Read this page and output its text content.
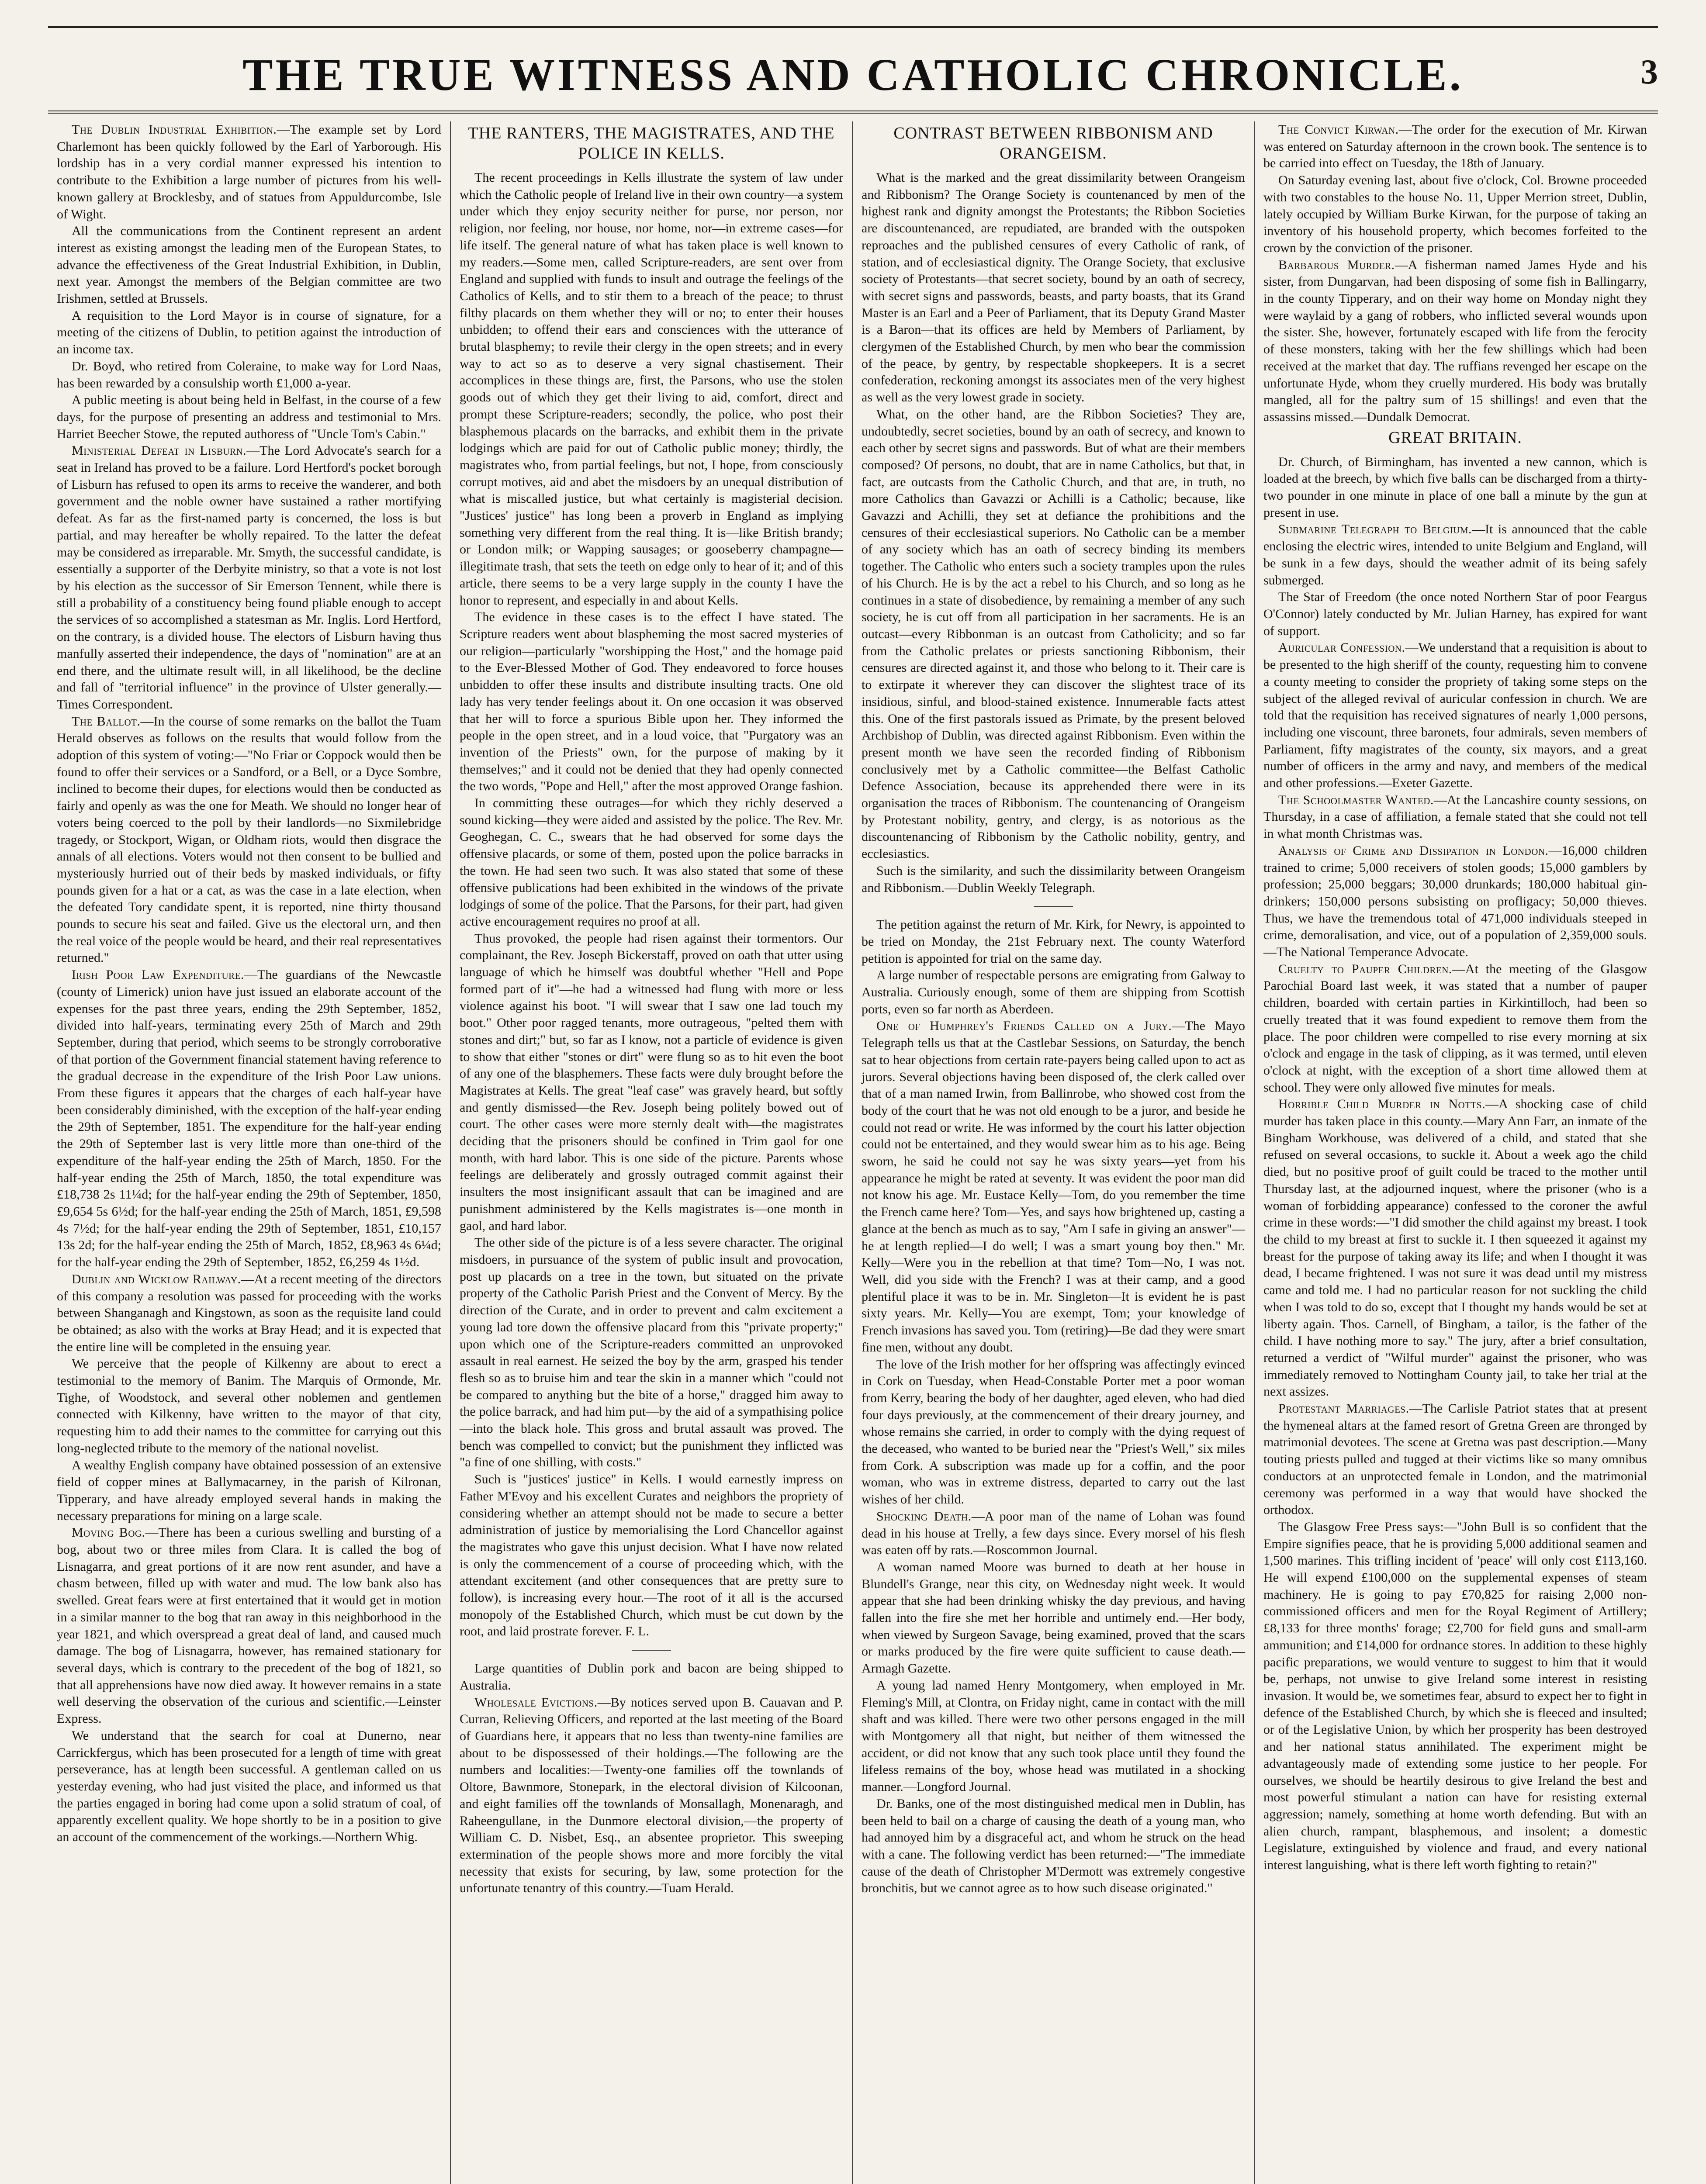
THE TRUE WITNESS AND CATHOLIC CHRONICLE.	3

The Dublin Industrial Exhibition.—The example set by Lord Charlemont has been quickly followed by the Earl of Yarborough. His lordship has in a very cordial manner expressed his intention to contribute to the Exhibition a large number of pictures from his well-known gallery at Brocklesby, and of statues from Appuldurcombe, Isle of Wight.

All the communications from the Continent represent an ardent interest as existing amongst the leading men of the European States, to advance the effectiveness of the Great Industrial Exhibition, in Dublin, next year. Amongst the members of the Belgian committee are two Irishmen, settled at Brussels.

A requisition to the Lord Mayor is in course of signature, for a meeting of the citizens of Dublin, to petition against the introduction of an income tax.

Dr. Boyd, who retired from Coleraine, to make way for Lord Naas, has been rewarded by a consulship worth £1,000 a-year.

A public meeting is about being held in Belfast, in the course of a few days, for the purpose of presenting an address and testimonial to Mrs. Harriet Beecher Stowe, the reputed authoress of "Uncle Tom's Cabin."

Ministerial Defeat in Lisburn.—The Lord Advocate's search for a seat in Ireland has proved to be a failure. Lord Hertford's pocket borough of Lisburn has refused to open its arms to receive the wanderer, and both government and the noble owner have sustained a rather mortifying defeat. As far as the first-named party is concerned, the loss is but partial, and may hereafter be wholly repaired. To the latter the defeat may be considered as irreparable. Mr. Smyth, the successful candidate, is essentially a supporter of the Derbyite ministry, so that a vote is not lost by his election as the successor of Sir Emerson Tennent, while there is still a probability of a constituency being found pliable enough to accept the services of so accomplished a statesman as Mr. Inglis. Lord Hertford, on the contrary, is a divided house. The electors of Lisburn having thus manfully asserted their independence, the days of "nomination" are at an end there, and the ultimate result will, in all likelihood, be the decline and fall of "territorial influence" in the province of Ulster generally.—Times Correspondent.

The Ballot.—In the course of some remarks on the ballot the Tuam Herald observes as follows on the results that would follow from the adoption of this system of voting:—"No Friar or Coppock would then be found to offer their services or a Sandford, or a Bell, or a Dyce Sombre, inclined to become their dupes, for elections would then be conducted as fairly and openly as was the one for Meath. We should no longer hear of voters being coerced to the poll by their landlords—no Sixmilebridge tragedy, or Stockport, Wigan, or Oldham riots, would then disgrace the annals of all elections. Voters would not then consent to be bullied and mysteriously hurried out of their beds by masked individuals, or fifty pounds given for a hat or a cat, as was the case in a late election, when the defeated Tory candidate spent, it is reported, nine thirty thousand pounds to secure his seat and failed. Give us the electoral urn, and then the real voice of the people would be heard, and their real representatives returned."

Irish Poor Law Expenditure.—The guardians of the Newcastle (county of Limerick) union have just issued an elaborate account of the expenses for the past three years, ending the 29th September, 1852, divided into half-years, terminating every 25th of March and 29th September, during that period, which seems to be strongly corroborative of that portion of the Government financial statement having reference to the gradual decrease in the expenditure of the Irish Poor Law unions. From these figures it appears that the charges of each half-year have been considerably diminished, with the exception of the half-year ending the 29th of September, 1851. The expenditure for the half-year ending the 29th of September last is very little more than one-third of the expenditure of the half-year ending the 25th of March, 1850. For the half-year ending the 25th of March, 1850, the total expenditure was £18,738 2s 11¼d; for the half-year ending the 29th of September, 1850, £9,654 5s 6½d; for the half-year ending the 25th of March, 1851, £9,598 4s 7½d; for the half-year ending the 29th of September, 1851, £10,157 13s 2d; for the half-year ending the 25th of March, 1852, £8,963 4s 6¼d; for the half-year ending the 29th of September, 1852, £6,259 4s 1½d.

Dublin and Wicklow Railway.—At a recent meeting of the directors of this company a resolution was passed for proceeding with the works between Shanganagh and Kingstown, as soon as the requisite land could be obtained; as also with the works at Bray Head; and it is expected that the entire line will be completed in the ensuing year.

We perceive that the people of Kilkenny are about to erect a testimonial to the memory of Banim. The Marquis of Ormonde, Mr. Tighe, of Woodstock, and several other noblemen and gentlemen connected with Kilkenny, have written to the mayor of that city, requesting him to add their names to the committee for carrying out this long-neglected tribute to the memory of the national novelist.

A wealthy English company have obtained possession of an extensive field of copper mines at Ballymacarney, in the parish of Kilronan, Tipperary, and have already employed several hands in making the necessary preparations for mining on a large scale.

Moving Bog.—There has been a curious swelling and bursting of a bog, about two or three miles from Clara. It is called the bog of Lisnagarra, and great portions of it are now rent asunder, and have a chasm between, filled up with water and mud. The low bank also has swelled. Great fears were at first entertained that it would get in motion in a similar manner to the bog that ran away in this neighborhood in the year 1821, and which overspread a great deal of land, and caused much damage. The bog of Lisnagarra, however, has remained stationary for several days, which is contrary to the precedent of the bog of 1821, so that all apprehensions have now died away. It however remains in a state well deserving the observation of the curious and scientific.—Leinster Express.

We understand that the search for coal at Dunerno, near Carrickfergus, which has been prosecuted for a length of time with great perseverance, has at length been successful. A gentleman called on us yesterday evening, who had just visited the place, and informed us that the parties engaged in boring had come upon a solid stratum of coal, of apparently excellent quality. We hope shortly to be in a position to give an account of the commencement of the workings.—Northern Whig.

THE RANTERS, THE MAGISTRATES, AND THE POLICE IN KELLS.

The recent proceedings in Kells illustrate the system of law under which the Catholic people of Ireland live in their own country—a system under which they enjoy security neither for purse, nor person, nor religion, nor feeling, nor house, nor home, nor—in extreme cases—for life itself. The general nature of what has taken place is well known to my readers.—Some men, called Scripture-readers, are sent over from England and supplied with funds to insult and outrage the feelings of the Catholics of Kells, and to stir them to a breach of the peace; to thrust filthy placards on them whether they will or no; to enter their houses unbidden; to offend their ears and consciences with the utterance of brutal blasphemy; to revile their clergy in the open streets; and in every way to act so as to deserve a very signal chastisement. Their accomplices in these things are, first, the Parsons, who use the stolen goods out of which they get their living to aid, comfort, direct and prompt these Scripture-readers; secondly, the police, who post their blasphemous placards on the barracks, and exhibit them in the private lodgings which are paid for out of Catholic public money; thirdly, the magistrates who, from partial feelings, but not, I hope, from consciously corrupt motives, aid and abet the misdoers by an unequal distribution of what is miscalled justice, but what certainly is magisterial decision. "Justices' justice" has long been a proverb in England as implying something very different from the real thing. It is—like British brandy; or London milk; or Wapping sausages; or gooseberry champagne—illegitimate trash, that sets the teeth on edge only to hear of it; and of this article, there seems to be a very large supply in the county I have the honor to represent, and especially in and about Kells.

The evidence in these cases is to the effect I have stated. The Scripture readers went about blaspheming the most sacred mysteries of our religion—particularly "worshipping the Host," and the homage paid to the Ever-Blessed Mother of God. They endeavored to force houses unbidden to offer these insults and distribute insulting tracts. One old lady has very tender feelings about it. On one occasion it was observed that her will to force a spurious Bible upon her. They informed the people in the open street, and in a loud voice, that "Purgatory was an invention of the Priests" own, for the purpose of making by it themselves;" and it could not be denied that they had openly connected the two words, "Pope and Hell," after the most approved Orange fashion.

In committing these outrages—for which they richly deserved a sound kicking—they were aided and assisted by the police. The Rev. Mr. Geoghegan, C. C., swears that he had observed for some days the offensive placards, or some of them, posted upon the police barracks in the town. He had seen two such. It was also stated that some of these offensive publications had been exhibited in the windows of the private lodgings of some of the police. That the Parsons, for their part, had given active encouragement requires no proof at all.

Thus provoked, the people had risen against their tormentors. Our complainant, the Rev. Joseph Bickerstaff, proved on oath that utter using language of which he himself was doubtful whether "Hell and Pope formed part of it"—he had a witnessed had flung with more or less violence against his boot. "I will swear that I saw one lad touch my boot." Other poor ragged tenants, more outrageous, "pelted them with stones and dirt;" but, so far as I know, not a particle of evidence is given to show that either "stones or dirt" were flung so as to hit even the boot of any one of the blasphemers. These facts were duly brought before the Magistrates at Kells. The great "leaf case" was gravely heard, but softly and gently dismissed—the Rev. Joseph being politely bowed out of court. The other cases were more sternly dealt with—the magistrates deciding that the prisoners should be confined in Trim gaol for one month, with hard labor. This is one side of the picture. Parents whose feelings are deliberately and grossly outraged commit against their insulters the most insignificant assault that can be imagined and are punishment administered by the Kells magistrates is—one month in gaol, and hard labor.

The other side of the picture is of a less severe character. The original misdoers, in pursuance of the system of public insult and provocation, post up placards on a tree in the town, but situated on the private property of the Catholic Parish Priest and the Convent of Mercy. By the direction of the Curate, and in order to prevent and calm excitement a young lad tore down the offensive placard from this "private property;" upon which one of the Scripture-readers committed an unprovoked assault in real earnest. He seized the boy by the arm, grasped his tender flesh so as to bruise him and tear the skin in a manner which "could not be compared to anything but the bite of a horse," dragged him away to the police barrack, and had him put—by the aid of a sympathising police—into the black hole. This gross and brutal assault was proved. The bench was compelled to convict; but the punishment they inflicted was "a fine of one shilling, with costs."

Such is "justices' justice" in Kells. I would earnestly impress on Father M'Evoy and his excellent Curates and neighbors the propriety of considering whether an attempt should not be made to secure a better administration of justice by memorialising the Lord Chancellor against the magistrates who gave this unjust decision. What I have now related is only the commencement of a course of proceeding which, with the attendant excitement (and other consequences that are pretty sure to follow), is increasing every hour.—The root of it all is the accursed monopoly of the Established Church, which must be cut down by the root, and laid prostrate forever. F. L.

Large quantities of Dublin pork and bacon are being shipped to Australia.

Wholesale Evictions.—By notices served upon B. Cauavan and P. Curran, Relieving Officers, and reported at the last meeting of the Board of Guardians here, it appears that no less than twenty-nine families are about to be dispossessed of their holdings.—The following are the numbers and localities:—Twenty-one families off the townlands of Oltore, Bawnmore, Stonepark, in the electoral division of Kilcoonan, and eight families off the townlands of Monsallagh, Monenaragh, and Raheengullane, in the Dunmore electoral division,—the property of William C. D. Nisbet, Esq., an absentee proprietor. This sweeping extermination of the people shows more and more forcibly the vital necessity that exists for securing, by law, some protection for the unfortunate tenantry of this country.—Tuam Herald.

CONTRAST BETWEEN RIBBONISM AND ORANGEISM.

What is the marked and the great dissimilarity between Orangeism and Ribbonism? The Orange Society is countenanced by men of the highest rank and dignity amongst the Protestants; the Ribbon Societies are discountenanced, are repudiated, are branded with the outspoken reproaches and the published censures of every Catholic of rank, of station, and of ecclesiastical dignity. The Orange Society, that exclusive society of Protestants—that secret society, bound by an oath of secrecy, with secret signs and passwords, beasts, and party boasts, that its Grand Master is an Earl and a Peer of Parliament, that its Deputy Grand Master is a Baron—that its offices are held by Members of Parliament, by clergymen of the Established Church, by men who bear the commission of the peace, by gentry, by respectable shopkeepers. It is a secret confederation, reckoning amongst its associates men of the very highest as well as the very lowest grade in society.

What, on the other hand, are the Ribbon Societies? They are, undoubtedly, secret societies, bound by an oath of secrecy, and known to each other by secret signs and passwords. But of what are their members composed? Of persons, no doubt, that are in name Catholics, but that, in fact, are outcasts from the Catholic Church, and that are, in truth, no more Catholics than Gavazzi or Achilli is a Catholic; because, like Gavazzi and Achilli, they set at defiance the prohibitions and the censures of their ecclesiastical superiors. No Catholic can be a member of any society which has an oath of secrecy binding its members together. The Catholic who enters such a society tramples upon the rules of his Church. He is by the act a rebel to his Church, and so long as he continues in a state of disobedience, by remaining a member of any such society, he is cut off from all participation in her sacraments. He is an outcast—every Ribbonman is an outcast from Catholicity; and so far from the Catholic prelates or priests sanctioning Ribbonism, their censures are directed against it, and those who belong to it. Their care is to extirpate it wherever they can discover the slightest trace of its insidious, sinful, and blood-stained existence. Innumerable facts attest this. One of the first pastorals issued as Primate, by the present beloved Archbishop of Dublin, was directed against Ribbonism. Even within the present month we have seen the recorded finding of Ribbonism conclusively met by a Catholic committee—the Belfast Catholic Defence Association, because its apprehended there were in its organisation the traces of Ribbonism. The countenancing of Orangeism by Protestant nobility, gentry, and clergy, is as notorious as the discountenancing of Ribbonism by the Catholic nobility, gentry, and ecclesiastics.

Such is the similarity, and such the dissimilarity between Orangeism and Ribbonism.—Dublin Weekly Telegraph.

The petition against the return of Mr. Kirk, for Newry, is appointed to be tried on Monday, the 21st February next. The county Waterford petition is appointed for trial on the same day.

A large number of respectable persons are emigrating from Galway to Australia. Curiously enough, some of them are shipping from Scottish ports, even so far north as Aberdeen.

One of Humphrey's Friends Called on a Jury.—The Mayo Telegraph tells us that at the Castlebar Sessions, on Saturday, the bench sat to hear objections from certain rate-payers being called upon to act as jurors. Several objections having been disposed of, the clerk called over that of a man named Irwin, from Ballinrobe, who showed cost from the body of the court that he was not old enough to be a juror, and beside he could not read or write. He was informed by the court his latter objection could not be entertained, and they would swear him as to his age. Being sworn, he said he could not say he was sixty years—yet from his appearance he might be rated at seventy. It was evident the poor man did not know his age. Mr. Eustace Kelly—Tom, do you remember the time the French came here? Tom—Yes, and says how brightened up, casting a glance at the bench as much as to say, "Am I safe in giving an answer"—he at length replied—I do well; I was a smart young boy then." Mr. Kelly—Were you in the rebellion at that time? Tom—No, I was not. Well, did you side with the French? I was at their camp, and a good plentiful place it was to be in. Mr. Singleton—It is evident he is past sixty years. Mr. Kelly—You are exempt, Tom; your knowledge of French invasions has saved you. Tom (retiring)—Be dad they were smart fine men, without any doubt.

The love of the Irish mother for her offspring was affectingly evinced in Cork on Tuesday, when Head-Constable Porter met a poor woman from Kerry, bearing the body of her daughter, aged eleven, who had died four days previously, at the commencement of their dreary journey, and whose remains she carried, in order to comply with the dying request of the deceased, who wanted to be buried near the "Priest's Well," six miles from Cork. A subscription was made up for a coffin, and the poor woman, who was in extreme distress, departed to carry out the last wishes of her child.

Shocking Death.—A poor man of the name of Lohan was found dead in his house at Trelly, a few days since. Every morsel of his flesh was eaten off by rats.—Roscommon Journal.

A woman named Moore was burned to death at her house in Blundell's Grange, near this city, on Wednesday night week. It would appear that she had been drinking whisky the day previous, and having fallen into the fire she met her horrible and untimely end.—Her body, when viewed by Surgeon Savage, being examined, proved that the scars or marks produced by the fire were quite sufficient to cause death.—Armagh Gazette.

A young lad named Henry Montgomery, when employed in Mr. Fleming's Mill, at Clontra, on Friday night, came in contact with the mill shaft and was killed. There were two other persons engaged in the mill with Montgomery all that night, but neither of them witnessed the accident, or did not know that any such took place until they found the lifeless remains of the boy, whose head was mutilated in a shocking manner.—Longford Journal.

Dr. Banks, one of the most distinguished medical men in Dublin, has been held to bail on a charge of causing the death of a young man, who had annoyed him by a disgraceful act, and whom he struck on the head with a cane. The following verdict has been returned:—"The immediate cause of the death of Christopher M'Dermott was extremely congestive bronchitis, but we cannot agree as to how such disease originated."

The Convict Kirwan.—The order for the execution of Mr. Kirwan was entered on Saturday afternoon in the crown book. The sentence is to be carried into effect on Tuesday, the 18th of January.

On Saturday evening last, about five o'clock, Col. Browne proceeded with two constables to the house No. 11, Upper Merrion street, Dublin, lately occupied by William Burke Kirwan, for the purpose of taking an inventory of his household property, which becomes forfeited to the crown by the conviction of the prisoner.

Barbarous Murder.—A fisherman named James Hyde and his sister, from Dungarvan, had been disposing of some fish in Ballingarry, in the county Tipperary, and on their way home on Monday night they were waylaid by a gang of robbers, who inflicted several wounds upon the sister. She, however, fortunately escaped with life from the ferocity of these monsters, taking with her the few shillings which had been received at the market that day. The ruffians revenged her escape on the unfortunate Hyde, whom they cruelly murdered. His body was brutally mangled, all for the paltry sum of 15 shillings! and even that the assassins missed.—Dundalk Democrat.

GREAT BRITAIN.

Dr. Church, of Birmingham, has invented a new cannon, which is loaded at the breech, by which five balls can be discharged from a thirty-two pounder in one minute in place of one ball a minute by the gun at present in use.

Submarine Telegraph to Belgium.—It is announced that the cable enclosing the electric wires, intended to unite Belgium and England, will be sunk in a few days, should the weather admit of its being safely submerged.

The Star of Freedom (the once noted Northern Star of poor Feargus O'Connor) lately conducted by Mr. Julian Harney, has expired for want of support.

Auricular Confession.—We understand that a requisition is about to be presented to the high sheriff of the county, requesting him to convene a county meeting to consider the propriety of taking some steps on the subject of the alleged revival of auricular confession in church. We are told that the requisition has received signatures of nearly 1,000 persons, including one viscount, three baronets, four admirals, seven members of Parliament, fifty magistrates of the county, six mayors, and a great number of officers in the army and navy, and members of the medical and other professions.—Exeter Gazette.

The Schoolmaster Wanted.—At the Lancashire county sessions, on Thursday, in a case of affiliation, a female stated that she could not tell in what month Christmas was.

Analysis of Crime and Dissipation in London.—16,000 children trained to crime; 5,000 receivers of stolen goods; 15,000 gamblers by profession; 25,000 beggars; 30,000 drunkards; 180,000 habitual gin-drinkers; 150,000 persons subsisting on profligacy; 50,000 thieves. Thus, we have the tremendous total of 471,000 individuals steeped in crime, demoralisation, and vice, out of a population of 2,359,000 souls.—The National Temperance Advocate.

Cruelty to Pauper Children.—At the meeting of the Glasgow Parochial Board last week, it was stated that a number of pauper children, boarded with certain parties in Kirkintilloch, had been so cruelly treated that it was found expedient to remove them from the place. The poor children were compelled to rise every morning at six o'clock and engage in the task of clipping, as it was termed, until eleven o'clock at night, with the exception of a short time allowed them at school. They were only allowed five minutes for meals.

Horrible Child Murder in Notts.—A shocking case of child murder has taken place in this county.—Mary Ann Farr, an inmate of the Bingham Workhouse, was delivered of a child, and stated that she refused on several occasions, to suckle it. About a week ago the child died, but no positive proof of guilt could be traced to the mother until Thursday last, at the adjourned inquest, where the prisoner (who is a woman of forbidding appearance) confessed to the coroner the awful crime in these words:—"I did smother the child against my breast. I took the child to my breast at first to suckle it. I then squeezed it against my breast for the purpose of taking away its life; and when I thought it was dead, I became frightened. I was not sure it was dead until my mistress came and told me. I had no particular reason for not suckling the child when I was told to do so, except that I thought my hands would be set at liberty again. Thos. Carnell, of Bingham, a tailor, is the father of the child. I have nothing more to say." The jury, after a brief consultation, returned a verdict of "Wilful murder" against the prisoner, who was immediately removed to Nottingham County jail, to take her trial at the next assizes.

Protestant Marriages.—The Carlisle Patriot states that at present the hymeneal altars at the famed resort of Gretna Green are thronged by matrimonial devotees. The scene at Gretna was past description.—Many touting priests pulled and tugged at their victims like so many omnibus conductors at an unprotected female in London, and the matrimonial ceremony was performed in a way that would have shocked the orthodox.

The Glasgow Free Press says:—"John Bull is so confident that the Empire signifies peace, that he is providing 5,000 additional seamen and 1,500 marines. This trifling incident of 'peace' will only cost £113,160. He will expend £100,000 on the supplemental expenses of steam machinery. He is going to pay £70,825 for raising 2,000 non-commissioned officers and men for the Royal Regiment of Artillery; £8,133 for three months' forage; £2,700 for field guns and small-arm ammunition; and £14,000 for ordnance stores. In addition to these highly pacific preparations, we would venture to suggest to him that it would be, perhaps, not unwise to give Ireland some interest in resisting invasion. It would be, we sometimes fear, absurd to expect her to fight in defence of the Established Church, by which she is fleeced and insulted; or of the Legislative Union, by which her prosperity has been destroyed and her national status annihilated. The experiment might be advantageously made of extending some justice to her people. For ourselves, we should be heartily desirous to give Ireland the best and most powerful stimulant a nation can have for resisting external aggression; namely, something at home worth defending. But with an alien church, rampant, blasphemous, and insolent; a domestic Legislature, extinguished by violence and fraud, and every national interest languishing, what is there left worth fighting to retain?"
